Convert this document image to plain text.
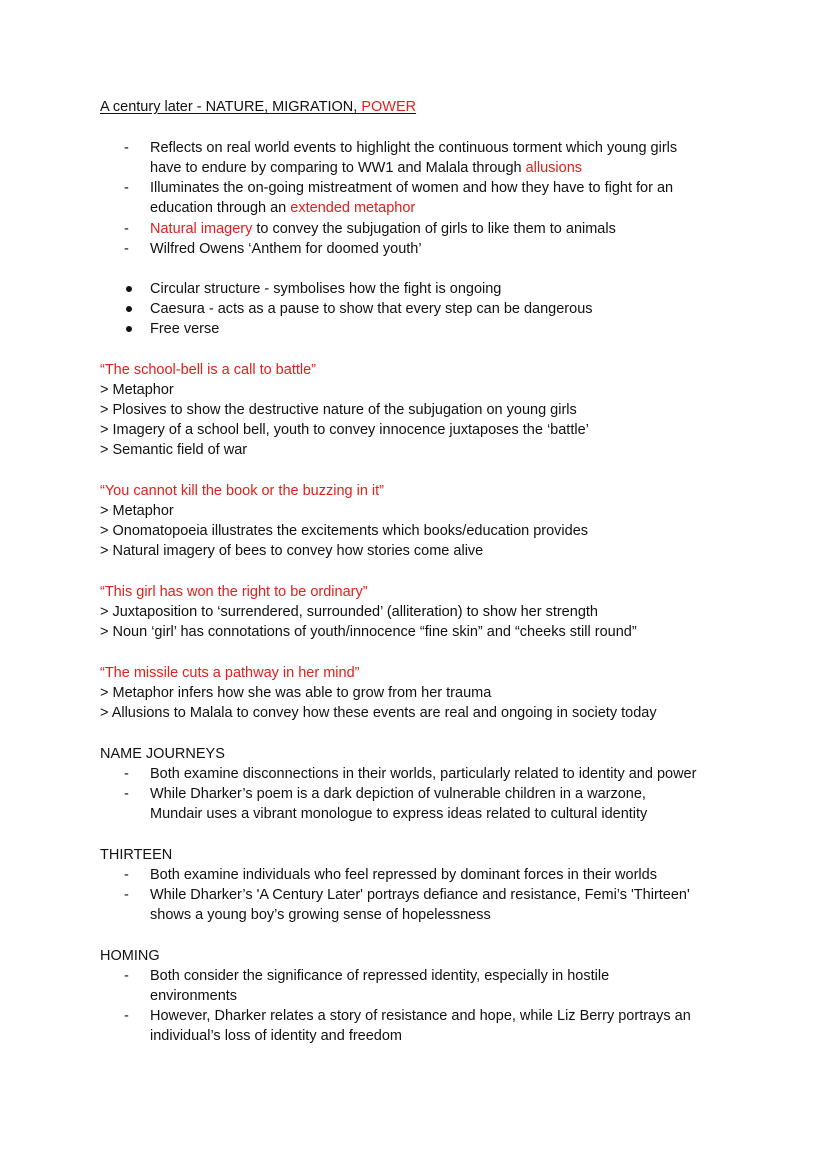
A century later - NATURE, MIGRATION, POWER
-	Reflects on real world events to highlight the continuous torment which young girls
have to endure by comparing to WW1 and Malala through allusions
-	Illuminates the on-going mistreatment of women and how they have to fight for an
education through an extended metaphor
-	Natural imagery to convey the subjugation of girls to like them to animals
-	Wilfred Owens ‘Anthem for doomed youth’
Circular structure - symbolises how the fight is ongoing
Caesura - acts as a pause to show that every step can be dangerous
Free verse
“The school-bell is a call to battle”
> Metaphor
> Plosives to show the destructive nature of the subjugation on young girls
> Imagery of a school bell, youth to convey innocence juxtaposes the ‘battle’
> Semantic field of war
“You cannot kill the book or the buzzing in it”
> Metaphor
> Onomatopoeia illustrates the excitements which books/education provides
> Natural imagery of bees to convey how stories come alive
“This girl has won the right to be ordinary”
> Juxtaposition to ‘surrendered, surrounded’ (alliteration) to show her strength
> Noun ‘girl’ has connotations of youth/innocence “fine skin” and “cheeks still round”
“The missile cuts a pathway in her mind”
> Metaphor infers how she was able to grow from her trauma
> Allusions to Malala to convey how these events are real and ongoing in society today
NAME JOURNEYS
-	Both examine disconnections in their worlds, particularly related to identity and power
-	While Dharker’s poem is a dark depiction of vulnerable children in a warzone,
Mundair uses a vibrant monologue to express ideas related to cultural identity
THIRTEEN
-	Both examine individuals who feel repressed by dominant forces in their worlds
-	While Dharker’s 'A Century Later' portrays defiance and resistance, Femi’s 'Thirteen'
shows a young boy’s growing sense of hopelessness
HOMING
-	Both consider the significance of repressed identity, especially in hostile
environments
-	However, Dharker relates a story of resistance and hope, while Liz Berry portrays an
individual’s loss of identity and freedom
